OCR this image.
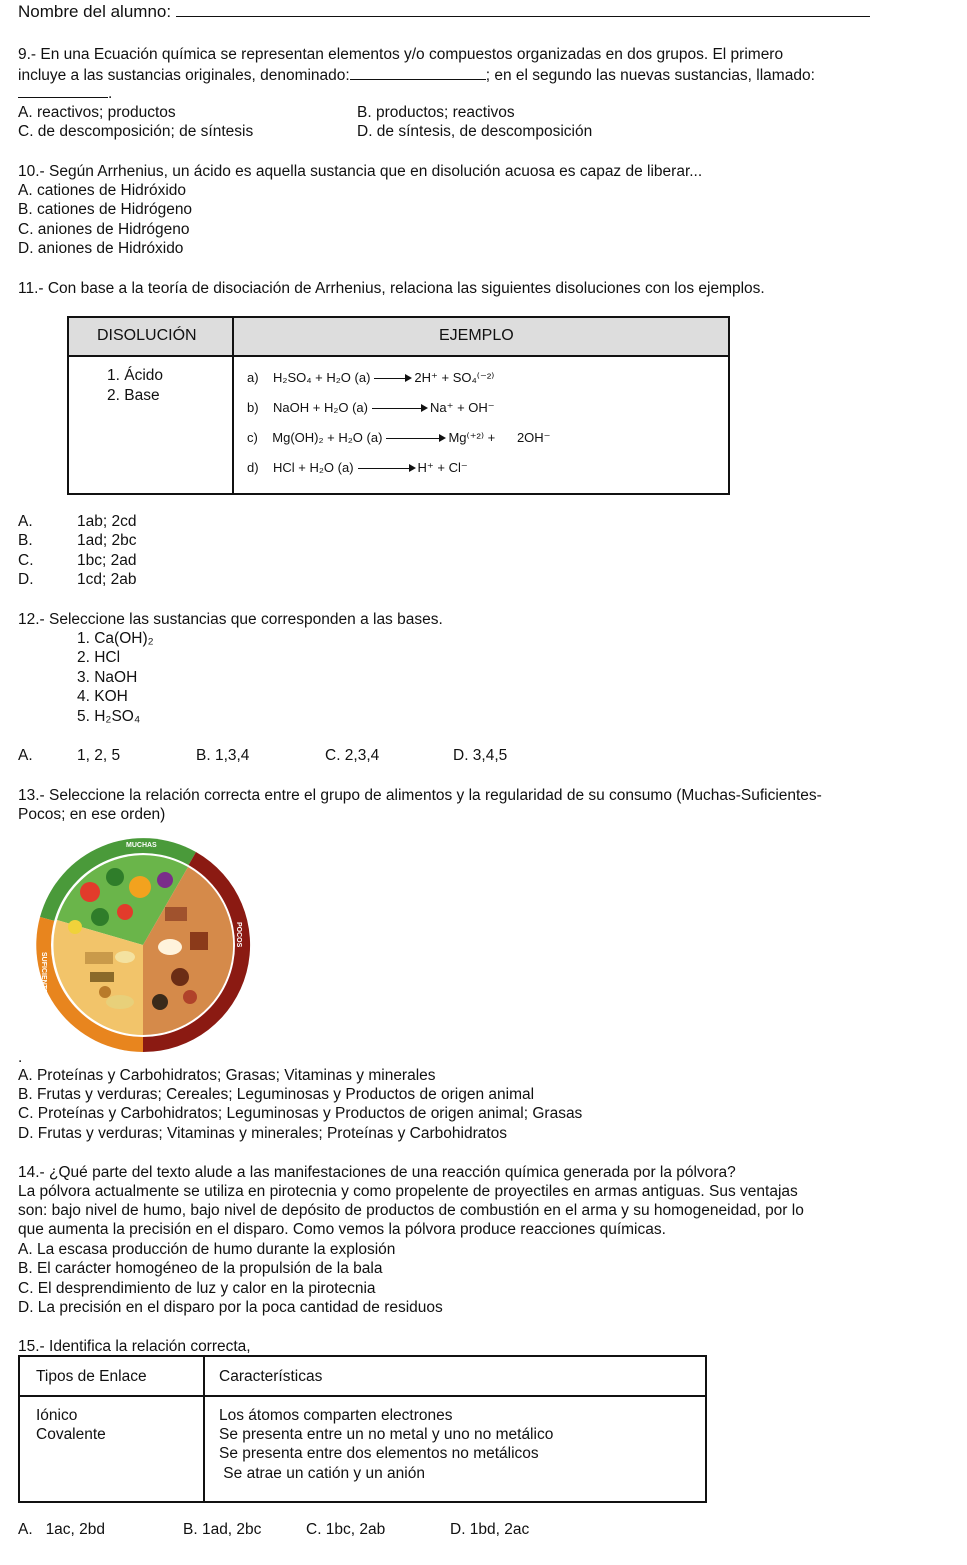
Nombre del alumno:
9.- En una Ecuación química se representan elementos y/o compuestos organizadas en dos grupos. El primero
incluye a las sustancias originales, denominado:	; en el segundo las nuevas sustancias, llamado:
.
A. reactivos; productos	B. productos; reactivos
C. de descomposición; de síntesis	D. de síntesis, de descomposición
10.- Según Arrhenius, un ácido es aquella sustancia que en disolución acuosa es capaz de liberar...
A. cationes de Hidróxido
B. cationes de Hidrógeno
C. aniones de Hidrógeno
D. aniones de Hidróxido
11.- Con base a la teoría de disociación de Arrhenius, relaciona las siguientes disoluciones con los ejemplos.
DISOLUCIÓN	EJEMPLO
1. Ácido
2. Base
a) H₂SO₄ + H₂O (a)	2H⁺ + SO₄⁽⁻²⁾
b) NaOH + H₂O (a)	Na⁺ + OH⁻
c) Mg(OH)₂ + H₂O (a)	Mg⁽⁺²⁾ +      2OH⁻
d) HCl + H₂O (a)	H⁺ + Cl⁻
A.	1ab; 2cd
B.	1ad; 2bc
C.	1bc; 2ad
D.	1cd; 2ab
12.- Seleccione las sustancias que corresponden a las bases.
1. Ca(OH)₂
2. HCl
3. NaOH
4. KOH
5. H₂SO₄
A.	1, 2, 5	B. 1,3,4	C. 2,3,4	D. 3,4,5
13.- Seleccione la relación correcta entre el grupo de alimentos y la regularidad de su consumo (Muchas-Suficientes-
Pocos; en ese orden)
MUCHAS
POCOS
SUFICIENTES
.
A. Proteínas y Carbohidratos; Grasas; Vitaminas y minerales
B. Frutas y verduras; Cereales; Leguminosas y Productos de origen animal
C. Proteínas y Carbohidratos; Leguminosas y Productos de origen animal; Grasas
D. Frutas y verduras; Vitaminas y minerales; Proteínas y Carbohidratos
14.- ¿Qué parte del texto alude a las manifestaciones de una reacción química generada por la pólvora?
La pólvora actualmente se utiliza en pirotecnia y como propelente de proyectiles en armas antiguas. Sus ventajas
son: bajo nivel de humo, bajo nivel de depósito de productos de combustión en el arma y su homogeneidad, por lo
que aumenta la precisión en el disparo. Como vemos la pólvora produce reacciones químicas.
A. La escasa producción de humo durante la explosión
B. El carácter homogéneo de la propulsión de la bala
C. El desprendimiento de luz y calor en la pirotecnia
D. La precisión en el disparo por la poca cantidad de residuos
15.- Identifica la relación correcta,
Tipos de Enlace	Características
Iónico
Covalente
Los átomos comparten electrones
Se presenta entre un no metal y uno no metálico
Se presenta entre dos elementos no metálicos
Se atrae un catión y un anión
A.   1ac, 2bd	B. 1ad, 2bc	C. 1bc, 2ab	D. 1bd, 2ac
